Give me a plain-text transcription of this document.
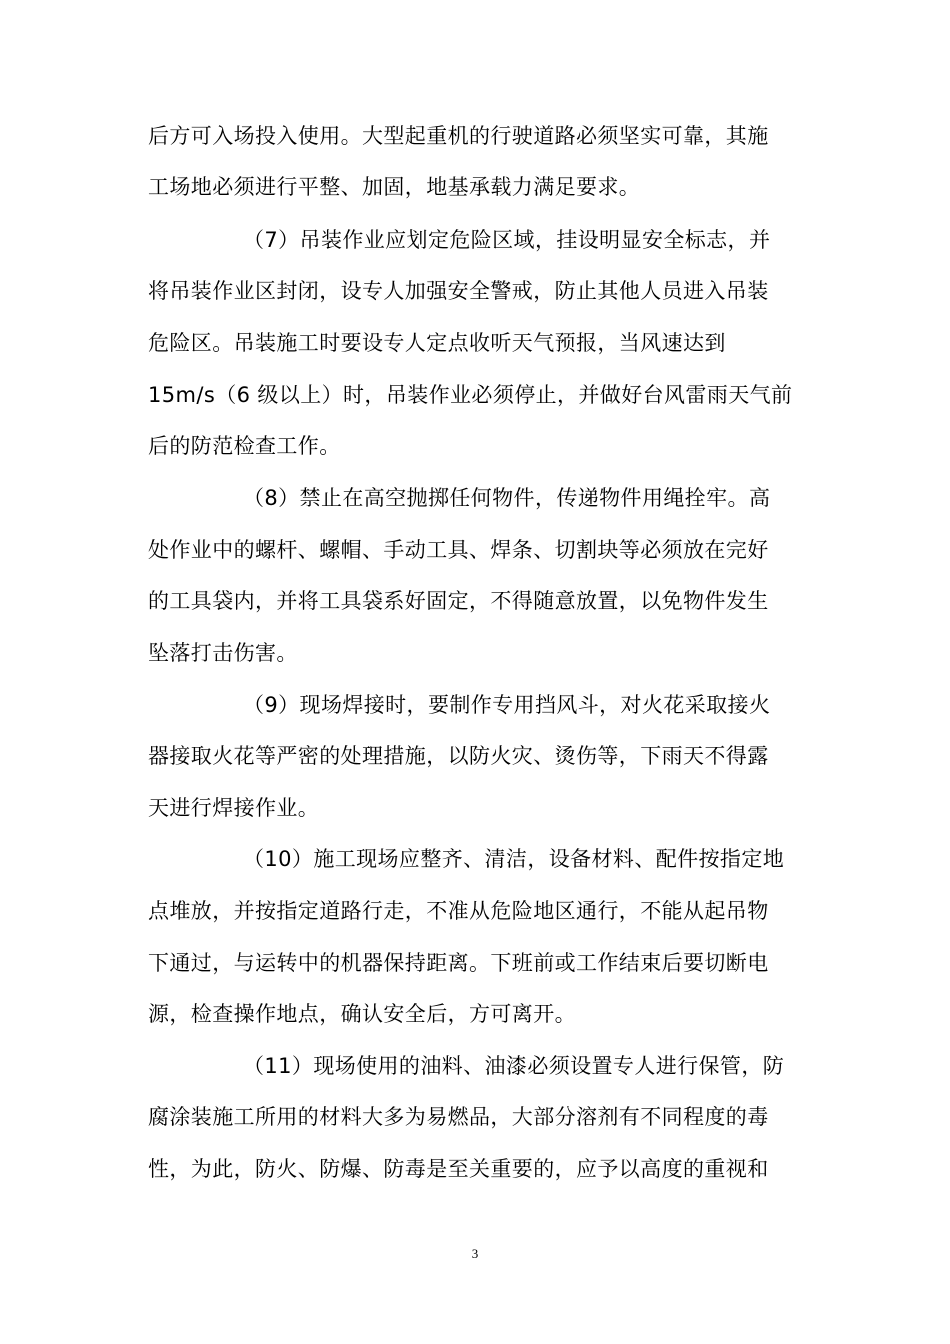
后方可入场投入使用。大型起重机的行驶道路必须坚实可靠，其施
工场地必须进行平整、加固，地基承载力满足要求。
（7）吊装作业应划定危险区域，挂设明显安全标志，并
将吊装作业区封闭，设专人加强安全警戒，防止其他人员进入吊装
危险区。吊装施工时要设专人定点收听天气预报，当风速达到
15m/s（6 级以上）时，吊装作业必须停止，并做好台风雷雨天气前
后的防范检查工作。
（8）禁止在高空抛掷任何物件，传递物件用绳拴牢。高
处作业中的螺杆、螺帽、手动工具、焊条、切割块等必须放在完好
的工具袋内，并将工具袋系好固定，不得随意放置，以免物件发生
坠落打击伤害。
（9）现场焊接时，要制作专用挡风斗，对火花采取接火
器接取火花等严密的处理措施，以防火灾、烫伤等，下雨天不得露
天进行焊接作业。
（10）施工现场应整齐、清洁，设备材料、配件按指定地
点堆放，并按指定道路行走，不准从危险地区通行，不能从起吊物
下通过，与运转中的机器保持距离。下班前或工作结束后要切断电
源，检查操作地点，确认安全后，方可离开。
（11）现场使用的油料、油漆必须设置专人进行保管，防
腐涂装施工所用的材料大多为易燃品，大部分溶剂有不同程度的毒
性，为此，防火、防爆、防毒是至关重要的，应予以高度的重视和
3
